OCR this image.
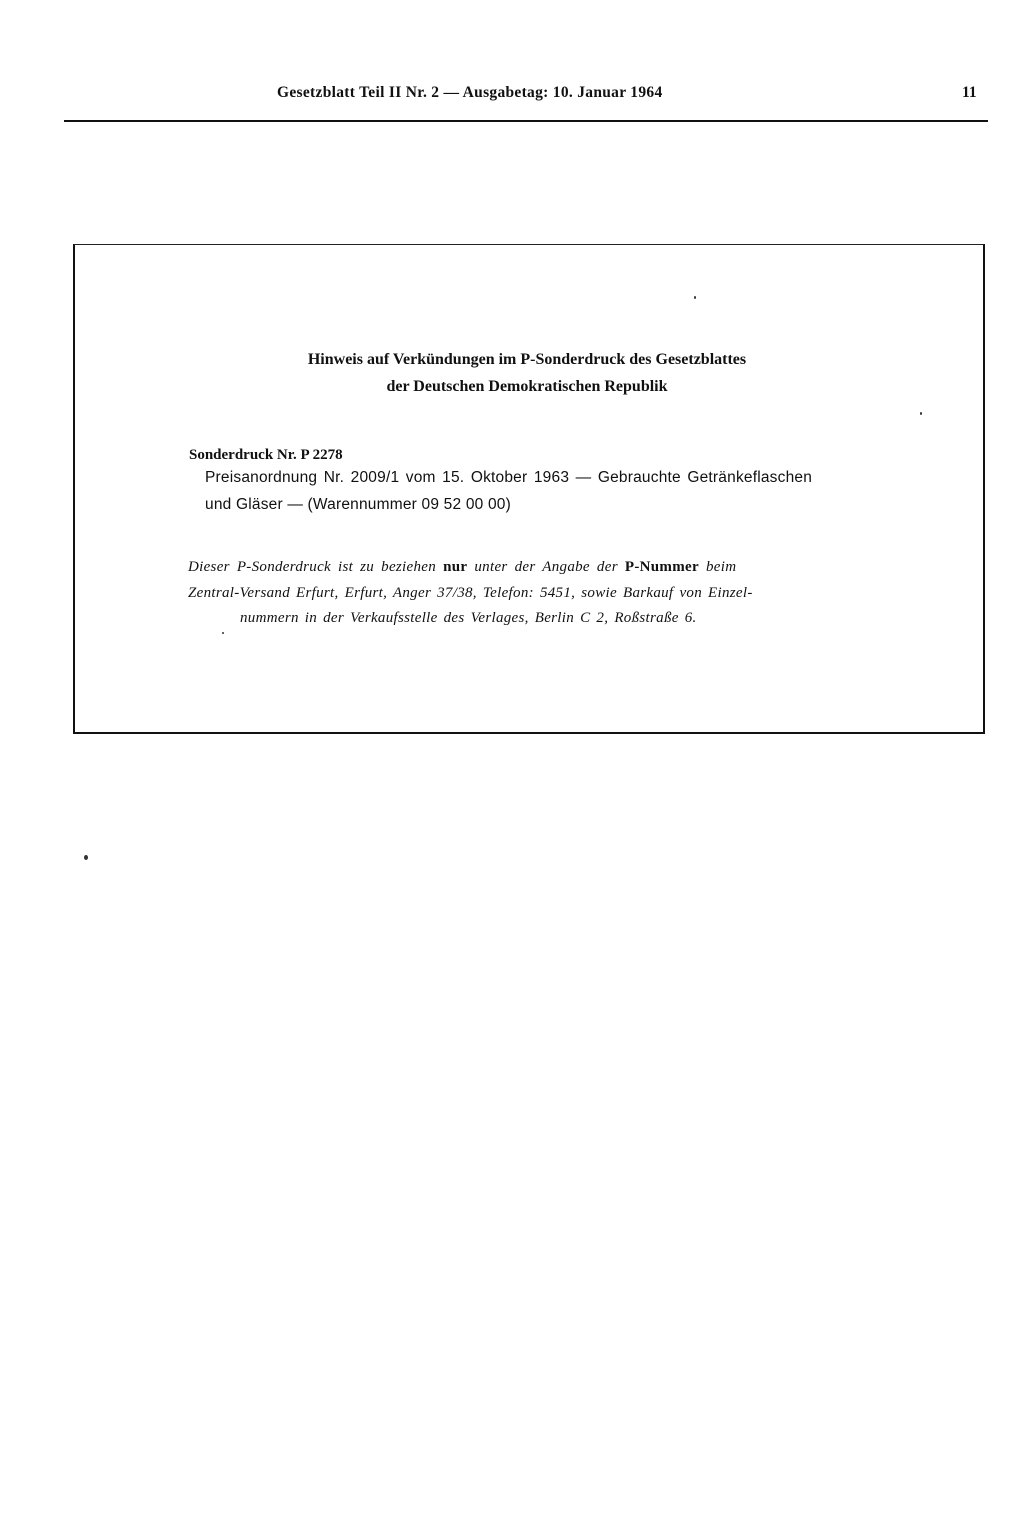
Gesetzblatt Teil II Nr. 2 — Ausgabetag: 10. Januar 1964	11
Hinweis auf Verkündungen im P-Sonderdruck des Gesetzblattes
der Deutschen Demokratischen Republik
Sonderdruck Nr. P 2278
Preisanordnung Nr. 2009/1 vom 15. Oktober 1963 — Gebrauchte Getränkeflaschen
und Gläser — (Warennummer 09 52 00 00)
Dieser P-Sonderdruck ist zu beziehen nur unter der Angabe der P-Nummer beim
Zentral-Versand Erfurt, Erfurt, Anger 37/38, Telefon: 5451, sowie Barkauf von Einzel-
nummern in der Verkaufsstelle des Verlages, Berlin C 2, Roßstraße 6.
